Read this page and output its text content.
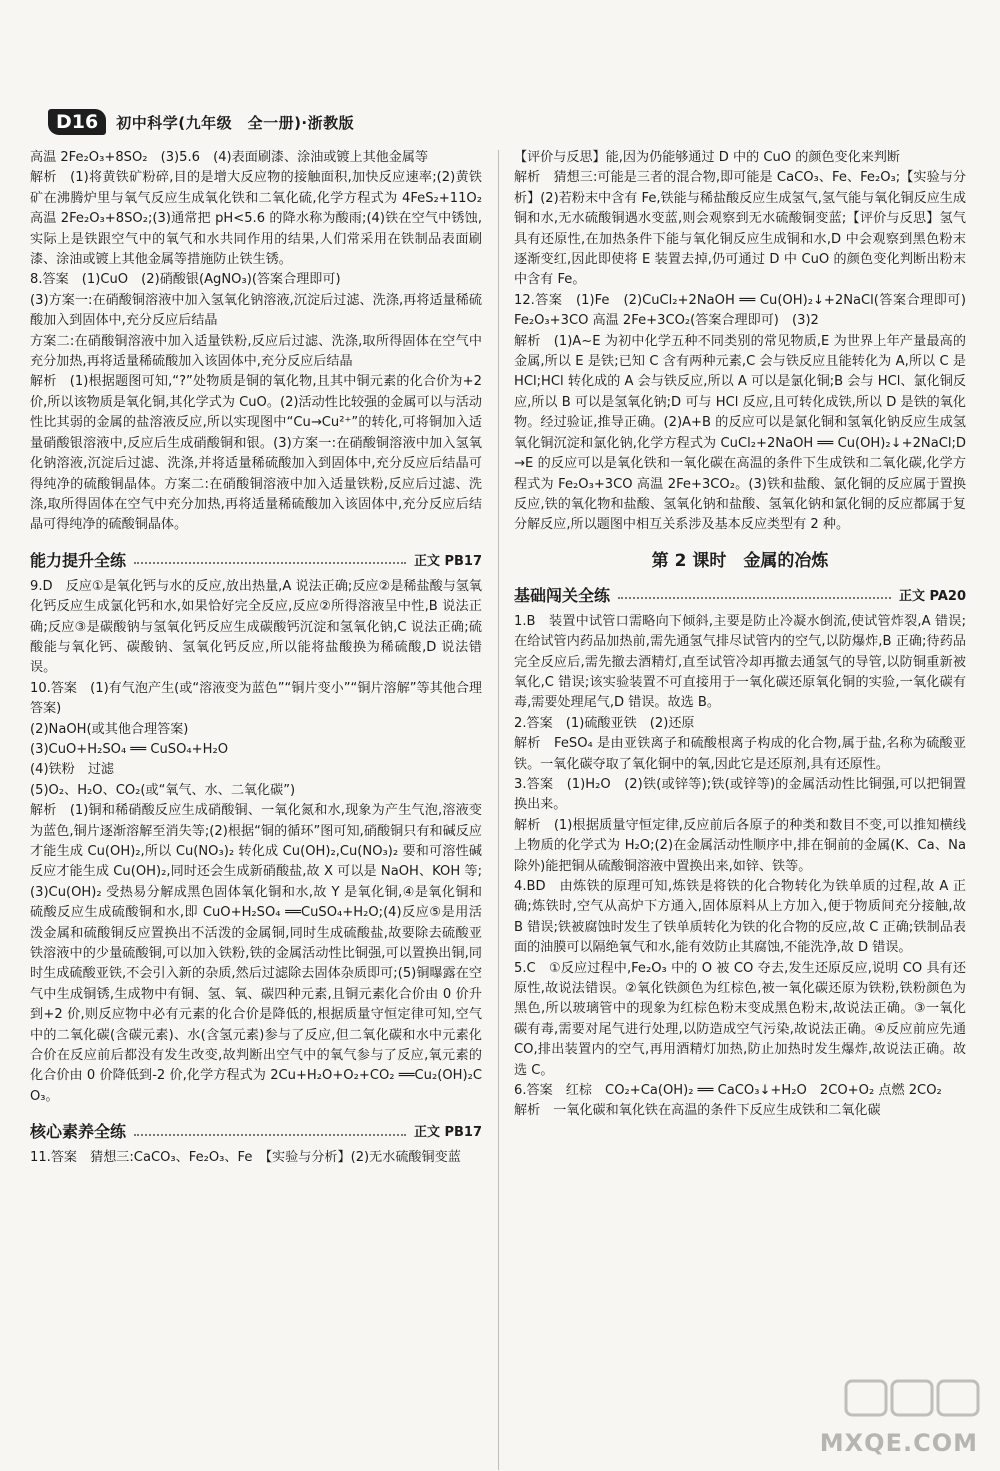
D16	初中科学(九年级　全一册)·浙教版

高温 2Fe₂O₃+8SO₂　(3)5.6　(4)表面刷漆、涂油或镀上其他金属等

解析　(1)将黄铁矿粉碎,目的是增大反应物的接触面积,加快反应速率;(2)黄铁矿在沸腾炉里与氧气反应生成氧化铁和二氧化硫,化学方程式为 4FeS₂+11O₂ 高温 2Fe₂O₃+8SO₂;(3)通常把 pH<5.6 的降水称为酸雨;(4)铁在空气中锈蚀,实际上是铁跟空气中的氧气和水共同作用的结果,人们常采用在铁制品表面刷漆、涂油或镀上其他金属等措施防止铁生锈。

8.答案　(1)CuO　(2)硝酸银(AgNO₃)(答案合理即可)

(3)方案一:在硝酸铜溶液中加入氢氧化钠溶液,沉淀后过滤、洗涤,再将适量稀硫酸加入到固体中,充分反应后结晶

方案二:在硝酸铜溶液中加入适量铁粉,反应后过滤、洗涤,取所得固体在空气中充分加热,再将适量稀硫酸加入该固体中,充分反应后结晶

解析　(1)根据题图可知,“?”处物质是铜的氧化物,且其中铜元素的化合价为+2 价,所以该物质是氧化铜,其化学式为 CuO。(2)活动性比较强的金属可以与活动性比其弱的金属的盐溶液反应,所以实现图中“Cu→Cu²⁺”的转化,可将铜加入适量硝酸银溶液中,反应后生成硝酸铜和银。(3)方案一:在硝酸铜溶液中加入氢氧化钠溶液,沉淀后过滤、洗涤,并将适量稀硫酸加入到固体中,充分反应后结晶可得纯净的硫酸铜晶体。方案二:在硝酸铜溶液中加入适量铁粉,反应后过滤、洗涤,取所得固体在空气中充分加热,再将适量稀硫酸加入该固体中,充分反应后结晶可得纯净的硫酸铜晶体。

能力提升全练	正文 PB17

9.D　反应①是氧化钙与水的反应,放出热量,A 说法正确;反应②是稀盐酸与氢氧化钙反应生成氯化钙和水,如果恰好完全反应,反应②所得溶液呈中性,B 说法正确;反应③是碳酸钠与氢氧化钙反应生成碳酸钙沉淀和氢氧化钠,C 说法正确;硫酸能与氧化钙、碳酸钠、氢氧化钙反应,所以能将盐酸换为稀硫酸,D 说法错误。

10.答案　(1)有气泡产生(或“溶液变为蓝色”“铜片变小”“铜片溶解”等其他合理答案)

(2)NaOH(或其他合理答案)

(3)CuO+H₂SO₄ ══ CuSO₄+H₂O

(4)铁粉　过滤

(5)O₂、H₂O、CO₂(或“氧气、水、二氧化碳”)

解析　(1)铜和稀硝酸反应生成硝酸铜、一氧化氮和水,现象为产生气泡,溶液变为蓝色,铜片逐渐溶解至消失等;(2)根据“铜的循环”图可知,硝酸铜只有和碱反应才能生成 Cu(OH)₂,所以 Cu(NO₃)₂ 转化成 Cu(OH)₂,Cu(NO₃)₂ 要和可溶性碱反应才能生成 Cu(OH)₂,同时还会生成新硝酸盐,故 X 可以是 NaOH、KOH 等;(3)Cu(OH)₂ 受热易分解成黑色固体氧化铜和水,故 Y 是氧化铜,④是氧化铜和硫酸反应生成硫酸铜和水,即 CuO+H₂SO₄ ══CuSO₄+H₂O;(4)反应⑤是用活泼金属和硫酸铜反应置换出不活泼的金属铜,同时生成硫酸盐,故要除去硫酸亚铁溶液中的少量硫酸铜,可以加入铁粉,铁的金属活动性比铜强,可以置换出铜,同时生成硫酸亚铁,不会引入新的杂质,然后过滤除去固体杂质即可;(5)铜曝露在空气中生成铜锈,生成物中有铜、氢、氧、碳四种元素,且铜元素化合价由 0 价升到+2 价,则反应物中必有元素的化合价是降低的,根据质量守恒定律可知,空气中的二氧化碳(含碳元素)、水(含氢元素)参与了反应,但二氧化碳和水中元素化合价在反应前后都没有发生改变,故判断出空气中的氧气参与了反应,氧元素的化合价由 0 价降低到-2 价,化学方程式为 2Cu+H₂O+O₂+CO₂ ══Cu₂(OH)₂CO₃。

核心素养全练	正文 PB17

11.答案　猜想三:CaCO₃、Fe₂O₃、Fe　【实验与分析】(2)无水硫酸铜变蓝

【评价与反思】能,因为仍能够通过 D 中的 CuO 的颜色变化来判断

解析　猜想三:可能是三者的混合物,即可能是 CaCO₃、Fe、Fe₂O₃;【实验与分析】(2)若粉末中含有 Fe,铁能与稀盐酸反应生成氢气,氢气能与氧化铜反应生成铜和水,无水硫酸铜遇水变蓝,则会观察到无水硫酸铜变蓝;【评价与反思】氢气具有还原性,在加热条件下能与氧化铜反应生成铜和水,D 中会观察到黑色粉末逐渐变红,因此即使将 E 装置去掉,仍可通过 D 中 CuO 的颜色变化判断出粉末中含有 Fe。

12.答案　(1)Fe　(2)CuCl₂+2NaOH ══ Cu(OH)₂↓+2NaCl(答案合理即可)　Fe₂O₃+3CO 高温 2Fe+3CO₂(答案合理即可)　(3)2

解析　(1)A~E 为初中化学五种不同类别的常见物质,E 为世界上年产量最高的金属,所以 E 是铁;已知 C 含有两种元素,C 会与铁反应且能转化为 A,所以 C 是 HCl;HCl 转化成的 A 会与铁反应,所以 A 可以是氯化铜;B 会与 HCl、氯化铜反应,所以 B 可以是氢氧化钠;D 可与 HCl 反应,且可转化成铁,所以 D 是铁的氧化物。经过验证,推导正确。(2)A+B 的反应可以是氯化铜和氢氧化钠反应生成氢氧化铜沉淀和氯化钠,化学方程式为 CuCl₂+2NaOH ══ Cu(OH)₂↓+2NaCl;D→E 的反应可以是氧化铁和一氧化碳在高温的条件下生成铁和二氧化碳,化学方程式为 Fe₂O₃+3CO 高温 2Fe+3CO₂。(3)铁和盐酸、氯化铜的反应属于置换反应,铁的氧化物和盐酸、氢氧化钠和盐酸、氢氧化钠和氯化铜的反应都属于复分解反应,所以题图中相互关系涉及基本反应类型有 2 种。

第 2 课时　金属的冶炼
基础闯关全练	正文 PA20

1.B　装置中试管口需略向下倾斜,主要是防止冷凝水倒流,使试管炸裂,A 错误;在给试管内药品加热前,需先通氢气排尽试管内的空气,以防爆炸,B 正确;待药品完全反应后,需先撤去酒精灯,直至试管冷却再撤去通氢气的导管,以防铜重新被氧化,C 错误;该实验装置不可直接用于一氧化碳还原氧化铜的实验,一氧化碳有毒,需要处理尾气,D 错误。故选 B。

2.答案　(1)硫酸亚铁　(2)还原

解析　FeSO₄ 是由亚铁离子和硫酸根离子构成的化合物,属于盐,名称为硫酸亚铁。一氧化碳夺取了氧化铜中的氧,因此它是还原剂,具有还原性。

3.答案　(1)H₂O　(2)铁(或锌等);铁(或锌等)的金属活动性比铜强,可以把铜置换出来。

解析　(1)根据质量守恒定律,反应前后各原子的种类和数目不变,可以推知横线上物质的化学式为 H₂O;(2)在金属活动性顺序中,排在铜前的金属(K、Ca、Na 除外)能把铜从硫酸铜溶液中置换出来,如锌、铁等。

4.BD　由炼铁的原理可知,炼铁是将铁的化合物转化为铁单质的过程,故 A 正确;炼铁时,空气从高炉下方通入,固体原料从上方加入,便于物质间充分接触,故 B 错误;铁被腐蚀时发生了铁单质转化为铁的化合物的反应,故 C 正确;铁制品表面的油膜可以隔绝氧气和水,能有效防止其腐蚀,不能洗净,故 D 错误。

5.C　①反应过程中,Fe₂O₃ 中的 O 被 CO 夺去,发生还原反应,说明 CO 具有还原性,故说法错误。②氧化铁颜色为红棕色,被一氧化碳还原为铁粉,铁粉颜色为黑色,所以玻璃管中的现象为红棕色粉末变成黑色粉末,故说法正确。③一氧化碳有毒,需要对尾气进行处理,以防造成空气污染,故说法正确。④反应前应先通 CO,排出装置内的空气,再用酒精灯加热,防止加热时发生爆炸,故说法正确。故选 C。

6.答案　红棕　CO₂+Ca(OH)₂ ══ CaCO₃↓+H₂O　2CO+O₂ 点燃 2CO₂

解析　一氧化碳和氧化铁在高温的条件下反应生成铁和二氧化碳

MXQE.COM
